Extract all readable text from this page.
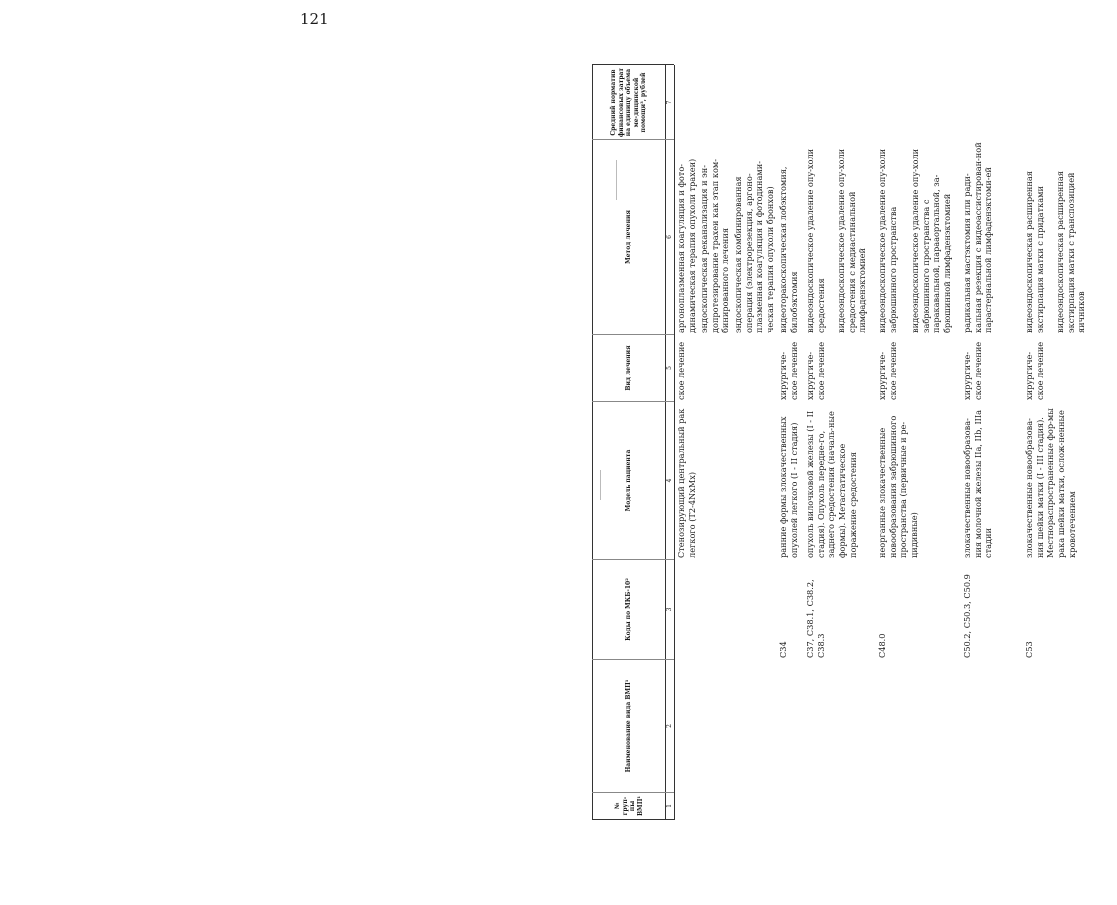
121
№ груп- пы ВМП¹
Наименование вида ВМП¹
Коды по МКБ-10²
Модель пациента
Вид лечения
Метод лечения
Средний норматив финансовых затрат на единицу объема ме-дицинской помощи³, рублей
1
2
3
4
5
6
7
Стенозирующий центральный рак легкого (T2-4NxMx)
ское лечение
аргоноплазменная коагуляция и фото-динамическая терапия опухоли трахеи) эндоскопическая реканализация и эн-допротезирование трахеи как этап ком-бинированного лечения эндоскопическая комбинированная операция (электрорезекция, аргоно-плазменная коагуляция и фотодинами-ческая терапия опухоли бронхов)
C34
ранние формы злокачественных опухолей легкого (I - II стадия)
хирургиче-
ское лечение
видеоторакоскопическая лобэктомия, билобэктомия
C37, C38.1, C38.2, C38.3
опухоль вилочковой железы (I - II стадия). Опухоль передне-го, заднего средостения (началь-ные формы). Метастатическое поражение средостения
хирургиче-
ское лечение
видеоэндоскопическое удаление опу-холи средостения видеоэндоскопическое удаление опу-холи средостения с медиастинальной лимфаденэктомией
C48.0
неорганные злокачественные новообразования забрюшинного пространства (первичные и ре-цидивные)
хирургиче-
ское лечение
видеоэндоскопическое удаление опу-холи забрюшинного пространства видеоэндоскопическое удаление опу-холи забрюшинного пространства с паракавальной, парааортальной, за-брюшинной лимфаденэктомией
C50.2, C50.3, C50.9
злокачественные новообразова-ния молочной железы IIa, IIb, IIIa стадии
хирургиче-
ское лечение
радикальная мастэктомия или ради-кальная резекция с видеоассистирован-ной парастернальной лимфаденэктоми-ей
C53
злокачественные новообразова-ния шейки матки (I - III стадия). Местнораспространенные фор-мы рака шейки матки, ослож-ненные кровотечением
хирургиче-
ское лечение
видеоэндоскопическая расширенная экстирпация матки с придатками видеоэндоскопическая расширенная экстирпация матки с транспозицией яичников
